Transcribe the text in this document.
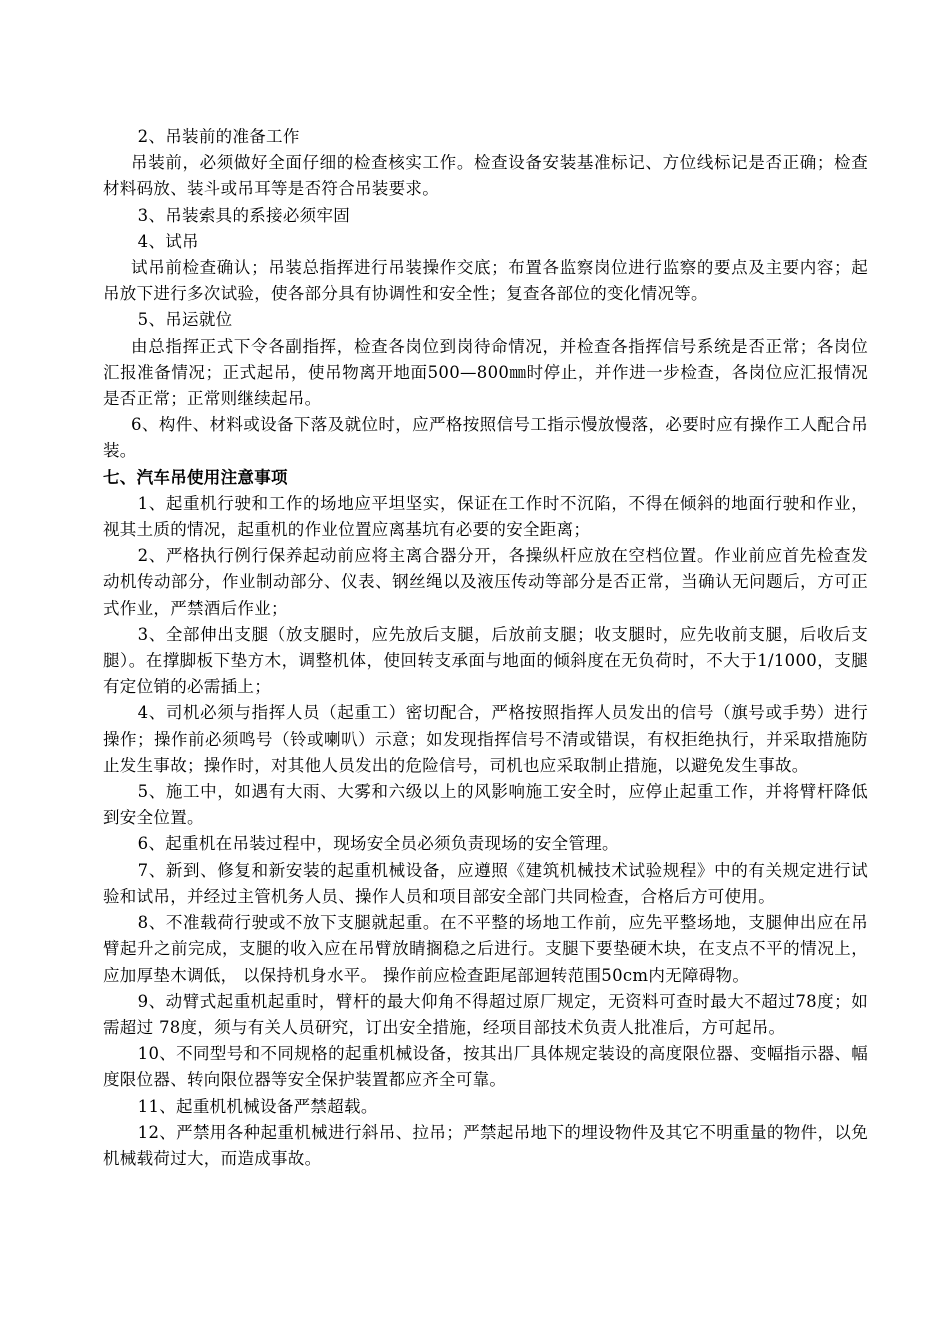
2、吊装前的准备工作

吊装前，必须做好全面仔细的检查核实工作。检查设备安装基准标记、方位线标记是否正确；检查材料码放、装斗或吊耳等是否符合吊装要求。

3、吊装索具的系接必须牢固

4、试吊

试吊前检查确认；吊装总指挥进行吊装操作交底；布置各监察岗位进行监察的要点及主要内容；起吊放下进行多次试验，使各部分具有协调性和安全性；复查各部位的变化情况等。

5、吊运就位

由总指挥正式下令各副指挥，检查各岗位到岗待命情况，并检查各指挥信号系统是否正常；各岗位汇报准备情况；正式起吊，使吊物离开地面500—800㎜时停止，并作进一步检查，各岗位应汇报情况是否正常；正常则继续起吊。

6、构件、材料或设备下落及就位时，应严格按照信号工指示慢放慢落，必要时应有操作工人配合吊装。

七、汽车吊使用注意事项

1、起重机行驶和工作的场地应平坦坚实，保证在工作时不沉陷，不得在倾斜的地面行驶和作业，视其土质的情况，起重机的作业位置应离基坑有必要的安全距离；

2、严格执行例行保养起动前应将主离合器分开，各操纵杆应放在空档位置。作业前应首先检查发动机传动部分，作业制动部分、仪表、钢丝绳以及液压传动等部分是否正常，当确认无问题后，方可正式作业，严禁酒后作业；

3、全部伸出支腿（放支腿时，应先放后支腿，后放前支腿；收支腿时，应先收前支腿，后收后支腿）。在撑脚板下垫方木，调整机体，使回转支承面与地面的倾斜度在无负荷时，不大于1/1000，支腿有定位销的必需插上；

4、司机必须与指挥人员（起重工）密切配合，严格按照指挥人员发出的信号（旗号或手势）进行操作；操作前必须鸣号（铃或喇叭）示意；如发现指挥信号不清或错误，有权拒绝执行，并采取措施防止发生事故；操作时，对其他人员发出的危险信号，司机也应采取制止措施，以避免发生事故。

5、施工中，如遇有大雨、大雾和六级以上的风影响施工安全时，应停止起重工作，并将臂杆降低到安全位置。

6、起重机在吊装过程中，现场安全员必须负责现场的安全管理。

7、新到、修复和新安装的起重机械设备，应遵照《建筑机械技术试验规程》中的有关规定进行试验和试吊，并经过主管机务人员、操作人员和项目部安全部门共同检查，合格后方可使用。

8、不准载荷行驶或不放下支腿就起重。在不平整的场地工作前，应先平整场地，支腿伸出应在吊臂起升之前完成，支腿的收入应在吊臂放睛搁稳之后进行。支腿下要垫硬木块，在支点不平的情况上，应加厚垫木调低， 以保持机身水平。 操作前应检查距尾部迴转范围50cm内无障碍物。

9、动臂式起重机起重时，臂杆的最大仰角不得超过原厂规定，无资料可查时最大不超过78度；如需超过 78度，须与有关人员研究，订出安全措施，经项目部技术负责人批准后，方可起吊。

10、不同型号和不同规格的起重机械设备，按其出厂具体规定装设的高度限位器、变幅指示器、幅度限位器、转向限位器等安全保护装置都应齐全可靠。

11、起重机机械设备严禁超载。

12、严禁用各种起重机械进行斜吊、拉吊；严禁起吊地下的埋设物件及其它不明重量的物件，以免机械载荷过大，而造成事故。
